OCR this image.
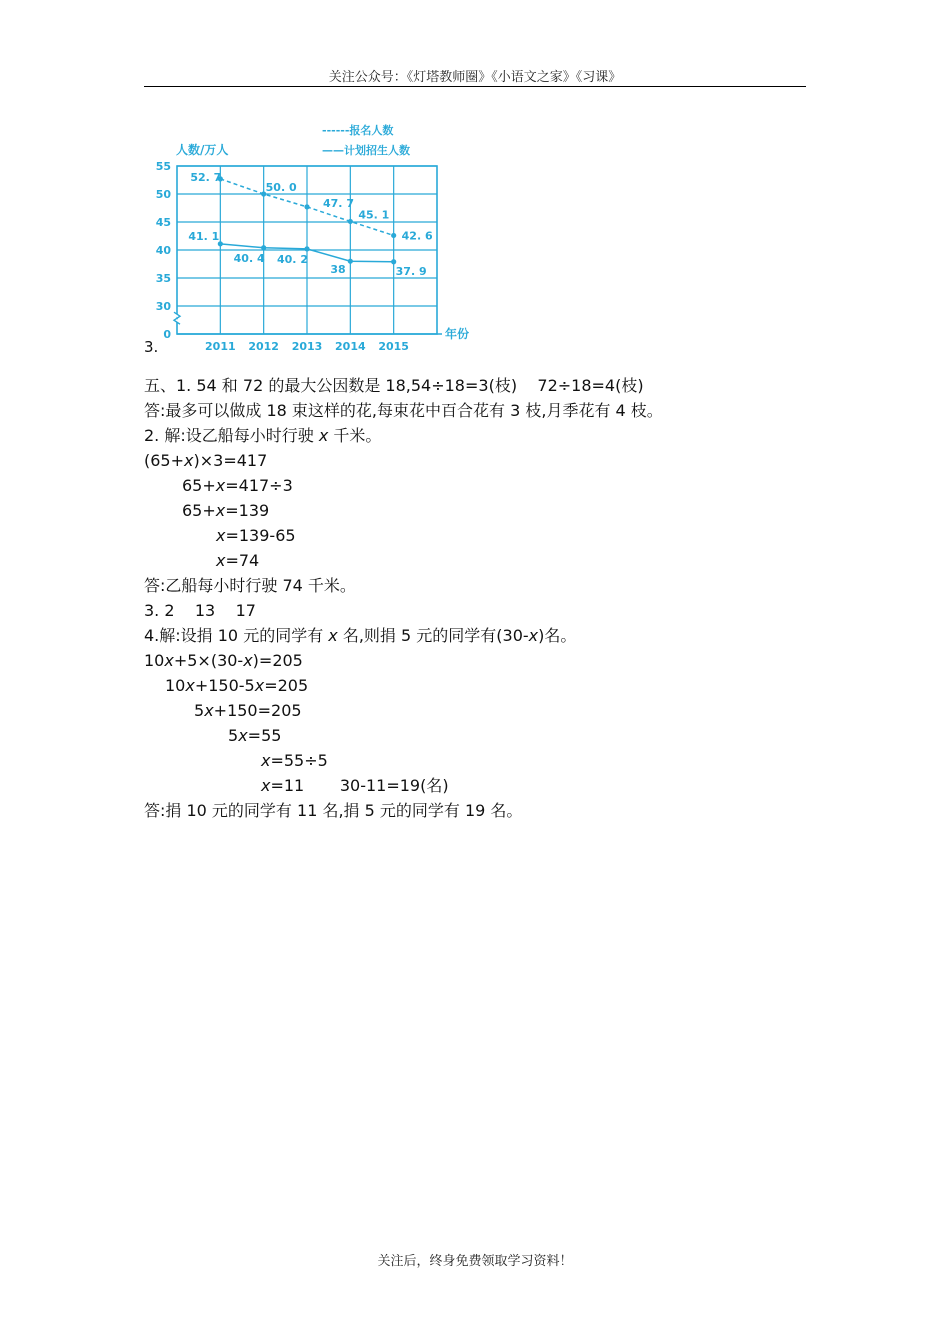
关注公众号：《灯塔教师圈》《小语文之家》《习课》
55
50
45
40
35
30
0
2011 2012 2013 2014 2015
人数/万人
年份
------报名人数
——计划招生人数
52. 7
50. 0
47. 7
45. 1
42. 6
41. 1
40. 4 40. 2
38	37. 9
3.
五、1. 54 和 72 的最大公因数是 18,54÷18=3(枝)    72÷18=4(枝)
答:最多可以做成 18 束这样的花,每束花中百合花有 3 枝,月季花有 4 枝。
2. 解:设乙船每小时行驶 x 千米。
(65+x)×3=417
65+x=417÷3
65+x=139
x=139-65
x=74
答:乙船每小时行驶 74 千米。
3. 2    13    17
4.解:设捐 10 元的同学有 x 名,则捐 5 元的同学有(30-x)名。
10x+5×(30-x)=205
10x+150-5x=205
5x+150=205
5x=55
x=55÷5
x=11       30-11=19(名)
答:捐 10 元的同学有 11 名,捐 5 元的同学有 19 名。
关注后，终身免费领取学习资料！
